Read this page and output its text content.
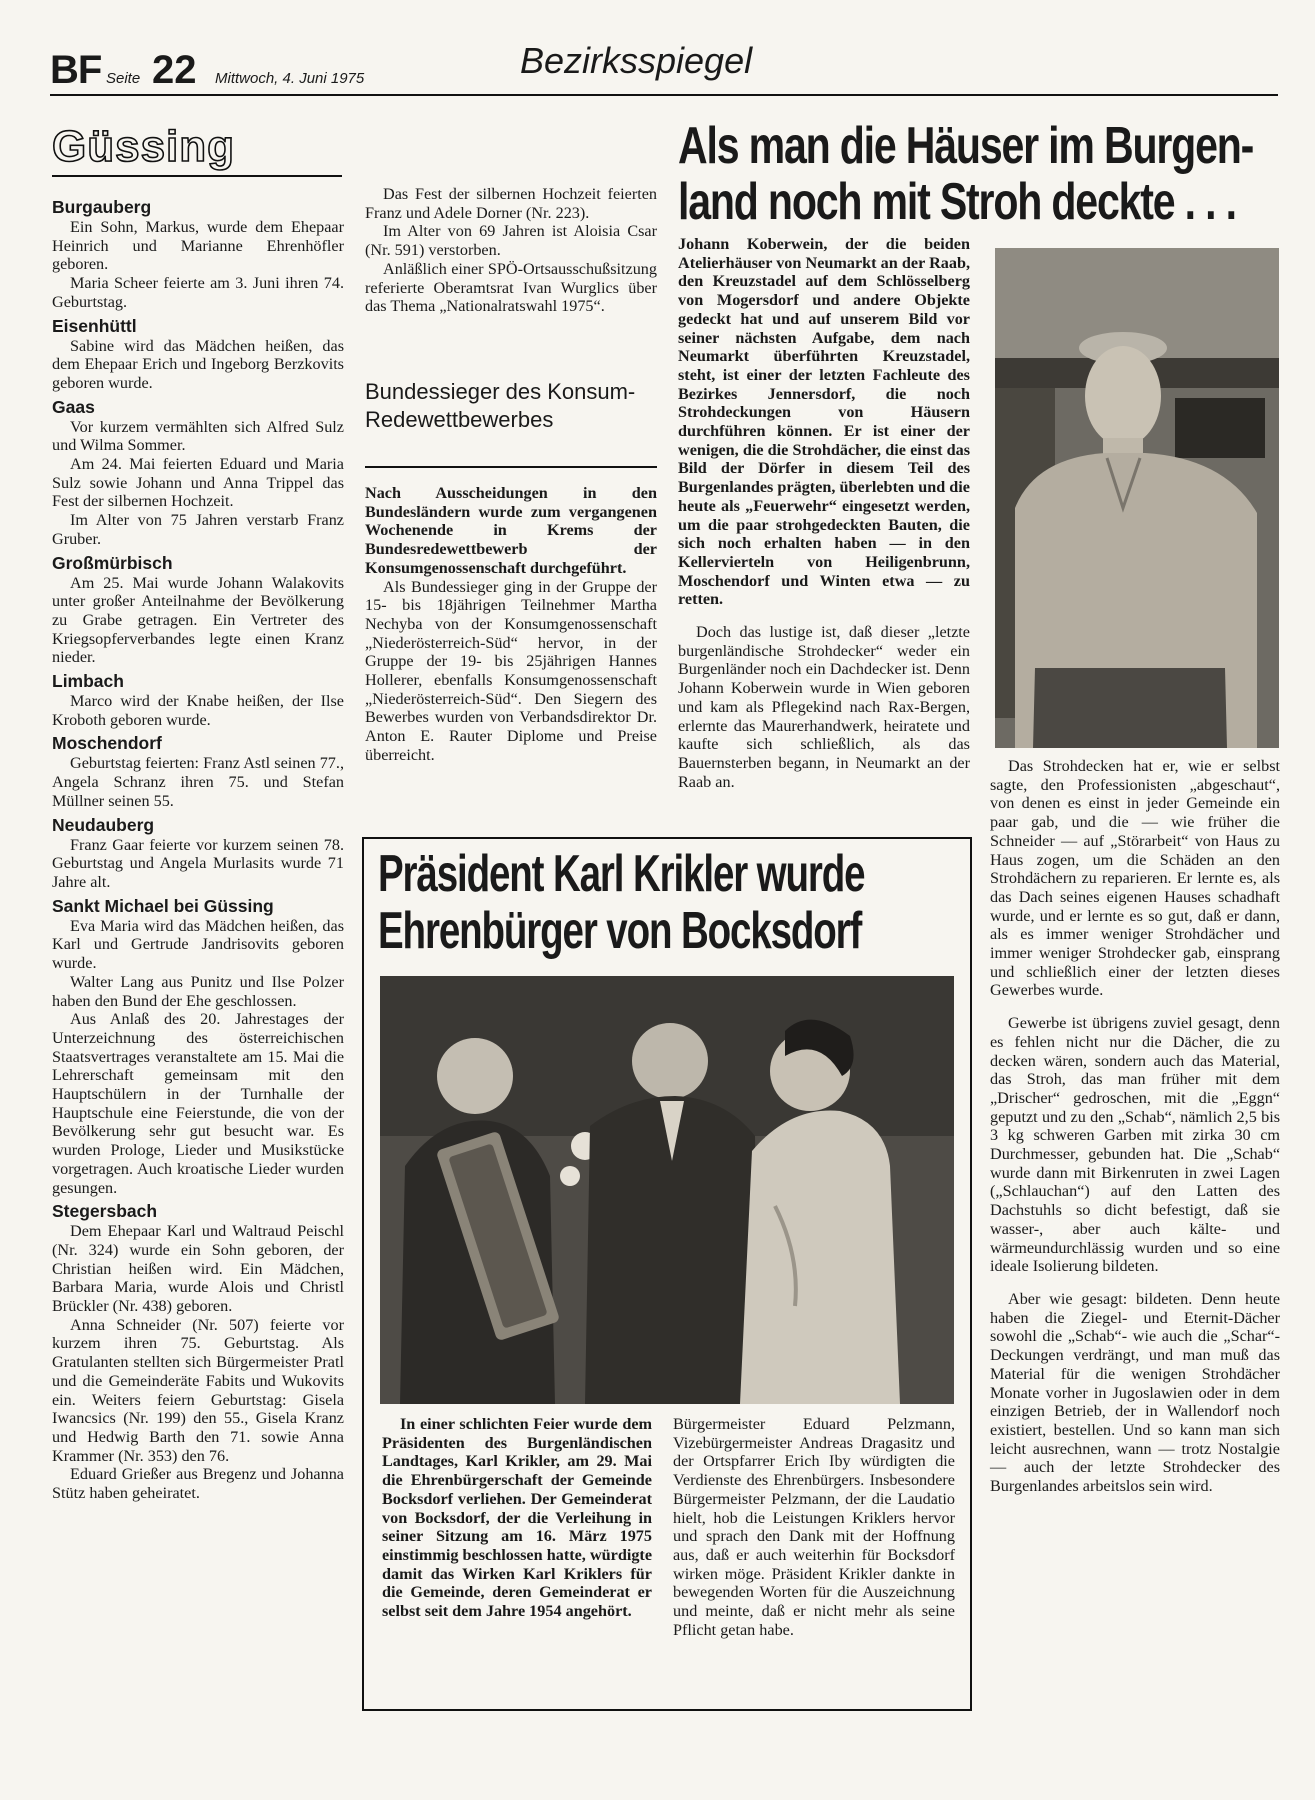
BF Seite 22 Mittwoch, 4. Juni 1975	Bezirksspiegel
Güssing
Burgauberg

Ein Sohn, Markus, wurde dem Ehepaar Heinrich und Marianne Ehrenhöfler geboren.

Maria Scheer feierte am 3. Juni ihren 74. Geburtstag.

Eisenhüttl

Sabine wird das Mädchen heißen, das dem Ehepaar Erich und Ingeborg Berzkovits geboren wurde.

Gaas

Vor kurzem vermählten sich Alfred Sulz und Wilma Sommer.

Am 24. Mai feierten Eduard und Maria Sulz sowie Johann und Anna Trippel das Fest der silbernen Hochzeit.

Im Alter von 75 Jahren verstarb Franz Gruber.

Großmürbisch

Am 25. Mai wurde Johann Walakovits unter großer Anteilnahme der Bevölkerung zu Grabe getragen. Ein Vertreter des Kriegsopferverbandes legte einen Kranz nieder.

Limbach

Marco wird der Knabe heißen, der Ilse Kroboth geboren wurde.

Moschendorf

Geburtstag feierten: Franz Astl seinen 77., Angela Schranz ihren 75. und Stefan Müllner seinen 55.

Neudauberg

Franz Gaar feierte vor kurzem seinen 78. Geburtstag und Angela Murlasits wurde 71 Jahre alt.

Sankt Michael bei Güssing

Eva Maria wird das Mädchen heißen, das Karl und Gertrude Jandrisovits geboren wurde.

Walter Lang aus Punitz und Ilse Polzer haben den Bund der Ehe geschlossen.

Aus Anlaß des 20. Jahrestages der Unterzeichnung des österreichischen Staatsvertrages veranstaltete am 15. Mai die Lehrerschaft gemeinsam mit den Hauptschülern in der Turnhalle der Hauptschule eine Feierstunde, die von der Bevölkerung sehr gut besucht war. Es wurden Prologe, Lieder und Musikstücke vorgetragen. Auch kroatische Lieder wurden gesungen.

Stegersbach

Dem Ehepaar Karl und Waltraud Peischl (Nr. 324) wurde ein Sohn geboren, der Christian heißen wird. Ein Mädchen, Barbara Maria, wurde Alois und Christl Brückler (Nr. 438) geboren.

Anna Schneider (Nr. 507) feierte vor kurzem ihren 75. Geburtstag. Als Gratulanten stellten sich Bürgermeister Pratl und die Gemeinderäte Fabits und Wukovits ein. Weiters feiern Geburtstag: Gisela Iwancsics (Nr. 199) den 55., Gisela Kranz und Hedwig Barth den 71. sowie Anna Krammer (Nr. 353) den 76.

Eduard Grießer aus Bregenz und Johanna Stütz haben geheiratet.

Das Fest der silbernen Hochzeit feierten Franz und Adele Dorner (Nr. 223).

Im Alter von 69 Jahren ist Aloisia Csar (Nr. 591) verstorben.

Anläßlich einer SPÖ-Ortsausschußsitzung referierte Oberamtsrat Ivan Wurglics über das Thema „Nationalratswahl 1975“.

Bundessieger des Konsum-Redewettbewerbes

Nach Ausscheidungen in den Bundesländern wurde zum vergangenen Wochenende in Krems der Bundesredewettbewerb der Konsumgenossenschaft durchgeführt.

Als Bundessieger ging in der Gruppe der 15- bis 18jährigen Teilnehmer Martha Nechyba von der Konsumgenossenschaft „Niederösterreich-Süd“ hervor, in der Gruppe der 19- bis 25jährigen Hannes Hollerer, ebenfalls Konsumgenossenschaft „Niederösterreich-Süd“. Den Siegern des Bewerbes wurden von Verbandsdirektor Dr. Anton E. Rauter Diplome und Preise überreicht.

Als man die Häuser im Burgen-
land noch mit Stroh deckte . . .

Johann Koberwein, der die beiden Atelierhäuser von Neumarkt an der Raab, den Kreuzstadel auf dem Schlösselberg von Mogersdorf und andere Objekte gedeckt hat und auf unserem Bild vor seiner nächsten Aufgabe, dem nach Neumarkt überführten Kreuzstadel, steht, ist einer der letzten Fachleute des Bezirkes Jennersdorf, die noch Strohdeckungen von Häusern durchführen können. Er ist einer der wenigen, die die Strohdächer, die einst das Bild der Dörfer in diesem Teil des Burgenlandes prägten, überlebten und die heute als „Feuerwehr“ eingesetzt werden, um die paar strohgedeckten Bauten, die sich noch erhalten haben — in den Kellervierteln von Heiligenbrunn, Moschendorf und Winten etwa — zu retten.

Doch das lustige ist, daß dieser „letzte burgenländische Strohdecker“ weder ein Burgenländer noch ein Dachdecker ist. Denn Johann Koberwein wurde in Wien geboren und kam als Pflegekind nach Rax-Bergen, erlernte das Maurerhandwerk, heiratete und kaufte sich schließlich, als das Bauernsterben begann, in Neumarkt an der Raab an.

Das Strohdecken hat er, wie er selbst sagte, den Professionisten „abgeschaut“, von denen es einst in jeder Gemeinde ein paar gab, und die — wie früher die Schneider — auf „Störarbeit“ von Haus zu Haus zogen, um die Schäden an den Strohdächern zu reparieren. Er lernte es, als das Dach seines eigenen Hauses schadhaft wurde, und er lernte es so gut, daß er dann, als es immer weniger Strohdächer und immer weniger Strohdecker gab, einsprang und schließlich einer der letzten dieses Gewerbes wurde.

Gewerbe ist übrigens zuviel gesagt, denn es fehlen nicht nur die Dächer, die zu decken wären, sondern auch das Material, das Stroh, das man früher mit dem „Drischer“ gedroschen, mit die „Eggn“ geputzt und zu den „Schab“, nämlich 2,5 bis 3 kg schweren Garben mit zirka 30 cm Durchmesser, gebunden hat. Die „Schab“ wurde dann mit Birkenruten in zwei Lagen („Schlauchan“) auf den Latten des Dachstuhls so dicht befestigt, daß sie wasser-, aber auch kälte- und wärmeundurchlässig wurden und so eine ideale Isolierung bildeten.

Aber wie gesagt: bildeten. Denn heute haben die Ziegel- und Eternit-Dächer sowohl die „Schab“- wie auch die „Schar“-Deckungen verdrängt, und man muß das Material für die wenigen Strohdächer Monate vorher in Jugoslawien oder in dem einzigen Betrieb, der in Wallendorf noch existiert, bestellen. Und so kann man sich leicht ausrechnen, wann — trotz Nostalgie — auch der letzte Strohdecker des Burgenlandes arbeitslos sein wird.

Präsident Karl Krikler wurde
Ehrenbürger von Bocksdorf

In einer schlichten Feier wurde dem Präsidenten des Burgenländischen Landtages, Karl Krikler, am 29. Mai die Ehrenbürgerschaft der Gemeinde Bocksdorf verliehen. Der Gemeinderat von Bocksdorf, der die Verleihung in seiner Sitzung am 16. März 1975 einstimmig beschlossen hatte, würdigte damit das Wirken Karl Kriklers für die Gemeinde, deren Gemeinderat er selbst seit dem Jahre 1954 angehört.

Bürgermeister Eduard Pelzmann, Vizebürgermeister Andreas Dragasitz und der Ortspfarrer Erich Iby würdigten die Verdienste des Ehrenbürgers. Insbesondere Bürgermeister Pelzmann, der die Laudatio hielt, hob die Leistungen Kriklers hervor und sprach den Dank mit der Hoffnung aus, daß er auch weiterhin für Bocksdorf wirken möge. Präsident Krikler dankte in bewegenden Worten für die Auszeichnung und meinte, daß er nicht mehr als seine Pflicht getan habe.
